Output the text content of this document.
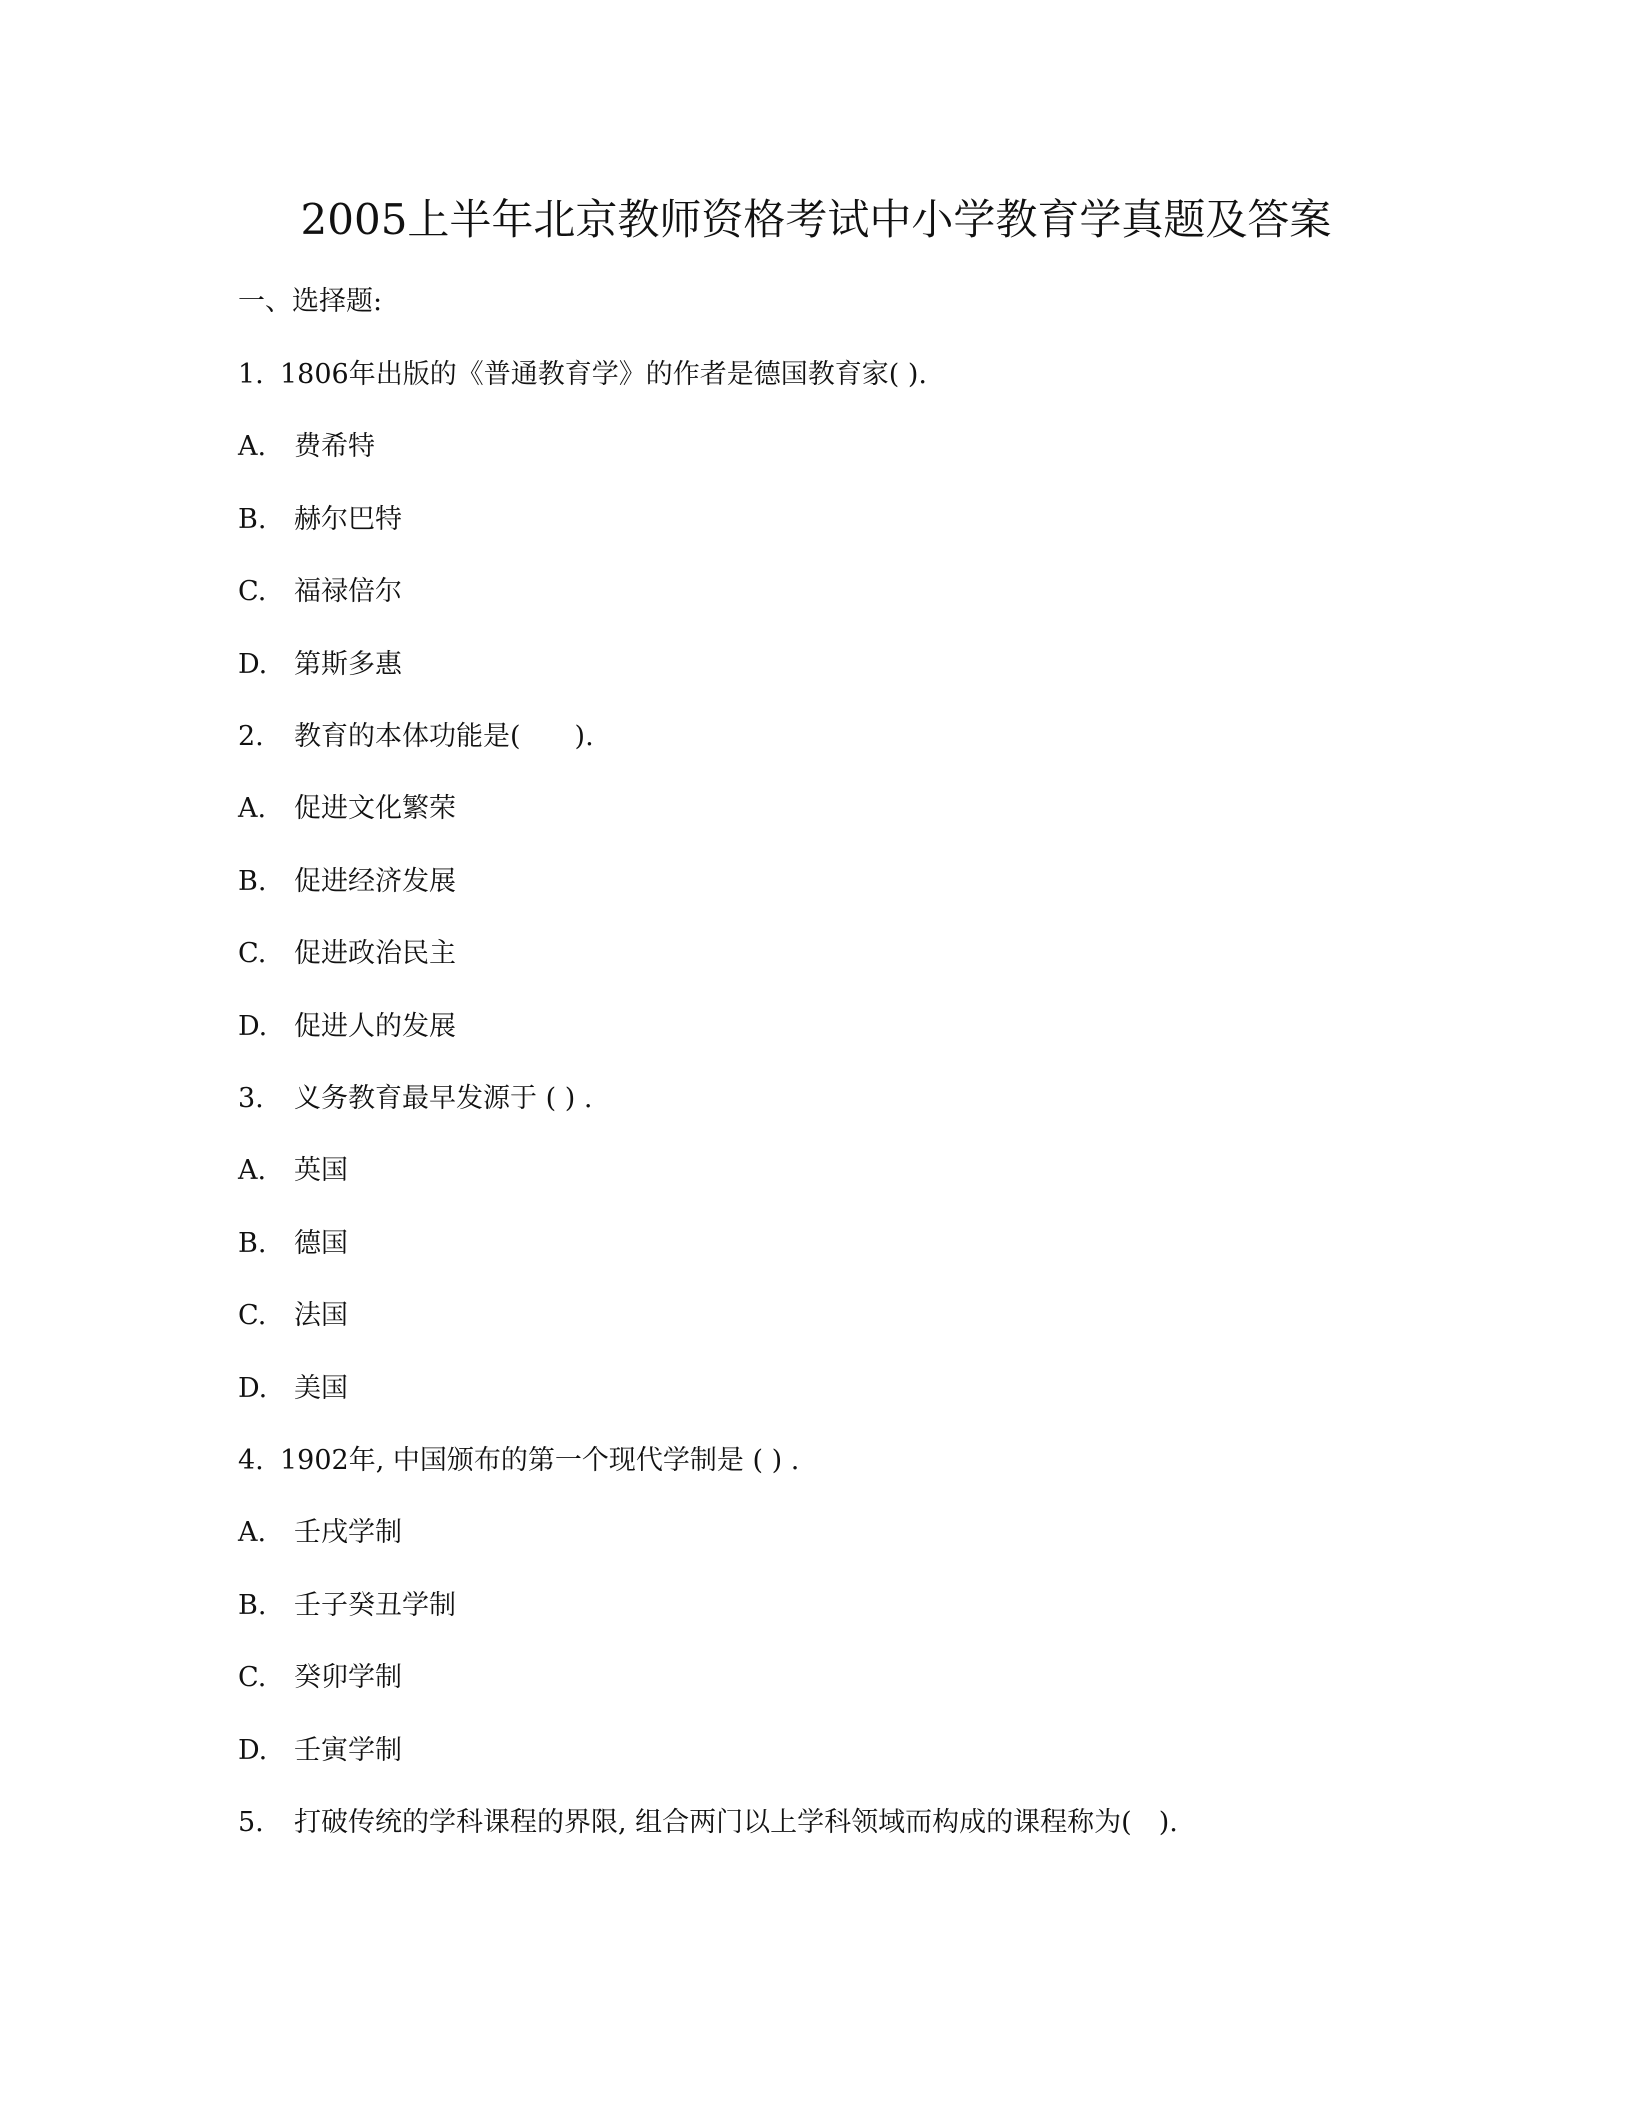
2005上半年北京教师资格考试中小学教育学真题及答案
一、选择题:
1. 1806年出版的《普通教育学》的作者是德国教育家( ).
A. 费希特
B. 赫尔巴特
C. 福禄倍尔
D. 第斯多惠
2. 教育的本体功能是(　　).
A. 促进文化繁荣
B. 促进经济发展
C. 促进政治民主
D. 促进人的发展
3. 义务教育最早发源于 ( ) .
A. 英国
B. 德国
C. 法国
D. 美国
4. 1902年, 中国颁布的第一个现代学制是 ( ) .
A. 壬戌学制
B. 壬子癸丑学制
C. 癸卯学制
D. 壬寅学制
5. 打破传统的学科课程的界限, 组合两门以上学科领域而构成的课程称为(　).
